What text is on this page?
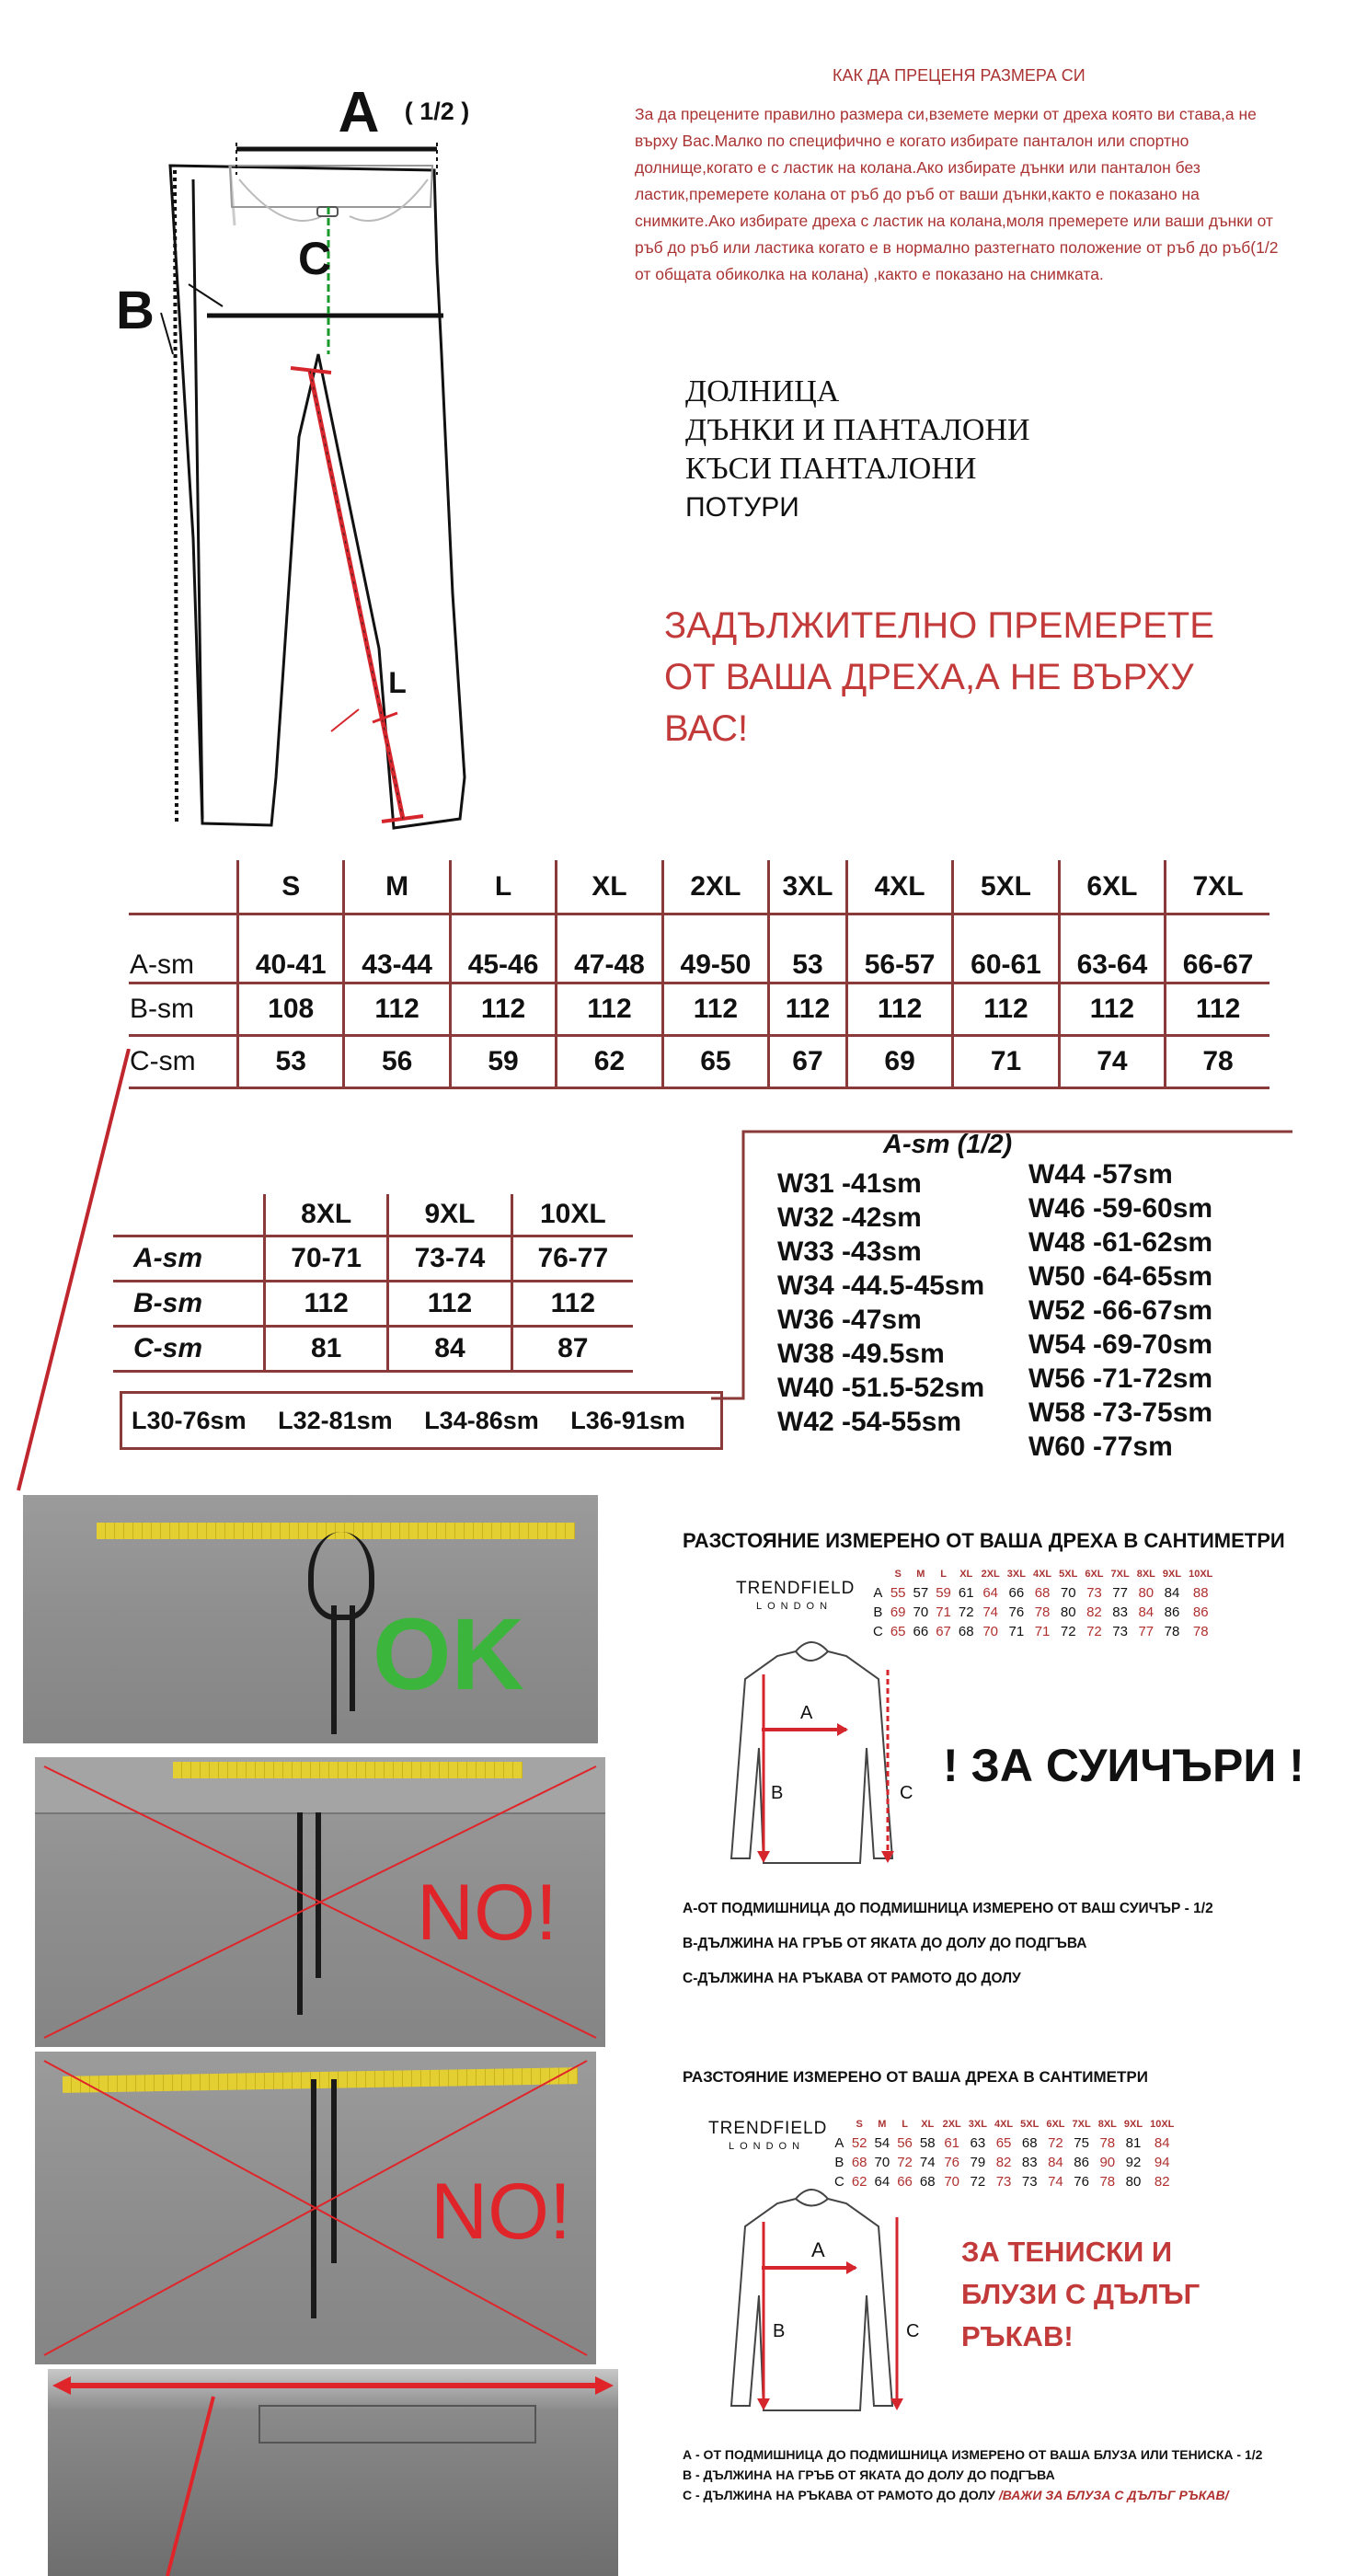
A ( 1/2 )
B
C
L
КАК ДА ПРЕЦЕНЯ РАЗМЕРА СИ
За да преценитe правилно размера си,вземете мерки от дреха която ви става,а не върху Вас.Малко по специфично е когато избирате панталон или спортно долнище,когато е с ластик на колана.Ако избирате дънки или панталон без ластик,премерете колана от ръб до ръб от ваши дънки,както е показано на снимките.Ако избирате дреха с ластик на колана,моля премерете или ваши дънки от ръб до ръб или ластика когато е в нормално разтегнато положение от ръб до ръб(1/2 от общата обиколка на колана) ,както е показано на снимката.
ДОЛНИЦА
ДЪНКИ И ПАНТАЛОНИ
КЪСИ ПАНТАЛОНИ
ПОТУРИ
ЗАДЪЛЖИТЕЛНО ПРЕМЕРЕТЕ ОТ ВАША ДРЕХА,А НЕ ВЪРХУ ВАС!
	S	M	L	XL	2XL	3XL	4XL	5XL	6XL	7XL
A-sm	40-41	43-44	45-46	47-48	49-50	53	56-57	60-61	63-64	66-67
B-sm	108	112	112	112	112	112	112	112	112	112
C-sm	53	56	59	62	65	67	69	71	74	78
	8XL	9XL	10XL
A-sm	70-71	73-74	76-77
B-sm	112	112	112
C-sm	81	84	87
L30-76sm L32-81sm L34-86sm L36-91sm
A-sm (1/2)
W31 -41sm
W32 -42sm
W33 -43sm
W34 -44.5-45sm
W36 -47sm
W38 -49.5sm
W40 -51.5-52sm
W42 -54-55sm
W44 -57sm
W46 -59-60sm
W48 -61-62sm
W50 -64-65sm
W52 -66-67sm
W54 -69-70sm
W56 -71-72sm
W58 -73-75sm
W60 -77sm
OK
NO!
NO!
РАЗСТОЯНИЕ ИЗМЕРЕНО ОТ ВАША ДРЕХА В САНТИМЕТРИ
TRENDFIELD
LONDON
	S	M	L	XL	2XL	3XL	4XL	5XL	6XL	7XL	8XL	9XL	10XL
A	55	57	59	61	64	66	68	70	73	77	80	84	88
B	69	70	71	72	74	76	78	80	82	83	84	86	86
C	65	66	67	68	70	71	71	72	72	73	77	78	78
A
B	C
! ЗА СУИЧЪРИ !
А-ОТ ПОДМИШНИЦА ДО ПОДМИШНИЦА ИЗМЕРЕНО ОТ ВАШ СУИЧЪР - 1/2
В-ДЪЛЖИНА НА ГРЪБ ОТ ЯКАТА ДО ДОЛУ ДО ПОДГЪВА
С-ДЪЛЖИНА НА РЪКАВА ОТ РАМОТО ДО ДОЛУ
РАЗСТОЯНИЕ ИЗМЕРЕНО ОТ ВАША ДРЕХА В САНТИМЕТРИ
TRENDFIELD
LONDON
	S	M	L	XL	2XL	3XL	4XL	5XL	6XL	7XL	8XL	9XL	10XL
A	52	54	56	58	61	63	65	68	72	75	78	81	84
B	68	70	72	74	76	79	82	83	84	86	90	92	94
C	62	64	66	68	70	72	73	73	74	76	78	80	82
A
B	C
ЗА ТЕНИСКИ И БЛУЗИ С ДЪЛЪГ РЪКАВ!
А - ОТ ПОДМИШНИЦА ДО ПОДМИШНИЦА ИЗМЕРЕНО ОТ ВАША БЛУЗА ИЛИ ТЕНИСКА - 1/2
В - ДЪЛЖИНА НА ГРЪБ ОТ ЯКАТА ДО ДОЛУ ДО ПОДГЪВА
С - ДЪЛЖИНА НА РЪКАВА ОТ РАМОТО ДО ДОЛУ /ВАЖИ ЗА БЛУЗА С ДЪЛЪГ РЪКАВ/
